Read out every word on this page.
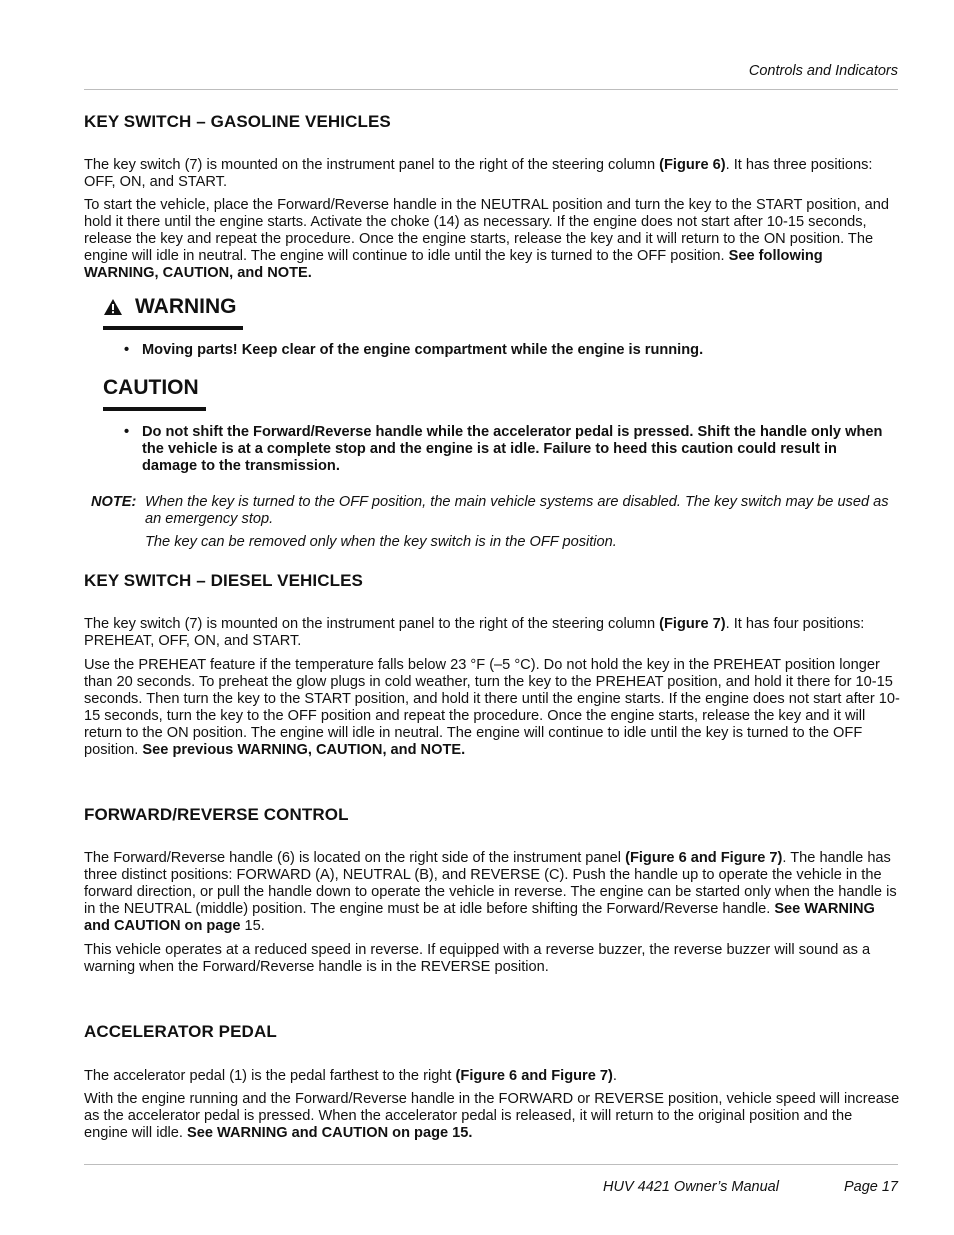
Controls and Indicators
KEY SWITCH – GASOLINE VEHICLES

The key switch (7) is mounted on the instrument panel to the right of the steering column (Figure 6). It has three positions: OFF, ON, and START.

To start the vehicle, place the Forward/Reverse handle in the NEUTRAL position and turn the key to the START position, and hold it there until the engine starts. Activate the choke (14) as necessary. If the engine does not start after 10-15 seconds, release the key and repeat the procedure. Once the engine starts, release the key and it will return to the ON position. The engine will idle in neutral. The engine will continue to idle until the key is turned to the OFF position. See following WARNING, CAUTION, and NOTE.

WARNING
• Moving parts! Keep clear of the engine compartment while the engine is running.
CAUTION
• Do not shift the Forward/Reverse handle while the accelerator pedal is pressed. Shift the handle only when the vehicle is at a complete stop and the engine is at idle. Failure to heed this caution could result in damage to the transmission.
NOTE: When the key is turned to the OFF position, the main vehicle systems are disabled. The key switch may be used as an emergency stop.

The key can be removed only when the key switch is in the OFF position.

KEY SWITCH – DIESEL VEHICLES

The key switch (7) is mounted on the instrument panel to the right of the steering column (Figure 7). It has four positions: PREHEAT, OFF, ON, and START.

Use the PREHEAT feature if the temperature falls below 23 °F (–5 °C). Do not hold the key in the PREHEAT position longer than 20 seconds. To preheat the glow plugs in cold weather, turn the key to the PREHEAT position, and hold it there for 10-15 seconds. Then turn the key to the START position, and hold it there until the engine starts. If the engine does not start after 10-15 seconds, turn the key to the OFF position and repeat the procedure. Once the engine starts, release the key and it will return to the ON position. The engine will idle in neutral. The engine will continue to idle until the key is turned to the OFF position. See previous WARNING, CAUTION, and NOTE.

FORWARD/REVERSE CONTROL

The Forward/Reverse handle (6) is located on the right side of the instrument panel (Figure 6 and Figure 7). The handle has three distinct positions: FORWARD (A), NEUTRAL (B), and REVERSE (C). Push the handle up to operate the vehicle in the forward direction, or pull the handle down to operate the vehicle in reverse. The engine can be started only when the handle is in the NEUTRAL (middle) position. The engine must be at idle before shifting the Forward/Reverse handle. See WARNING and CAUTION on page 15.

This vehicle operates at a reduced speed in reverse. If equipped with a reverse buzzer, the reverse buzzer will sound as a warning when the Forward/Reverse handle is in the REVERSE position.

ACCELERATOR PEDAL

The accelerator pedal (1) is the pedal farthest to the right (Figure 6 and Figure 7).

With the engine running and the Forward/Reverse handle in the FORWARD or REVERSE position, vehicle speed will increase as the accelerator pedal is pressed. When the accelerator pedal is released, it will return to the original position and the engine will idle. See WARNING and CAUTION on page 15.

HUV 4421 Owner’s Manual	Page 17
